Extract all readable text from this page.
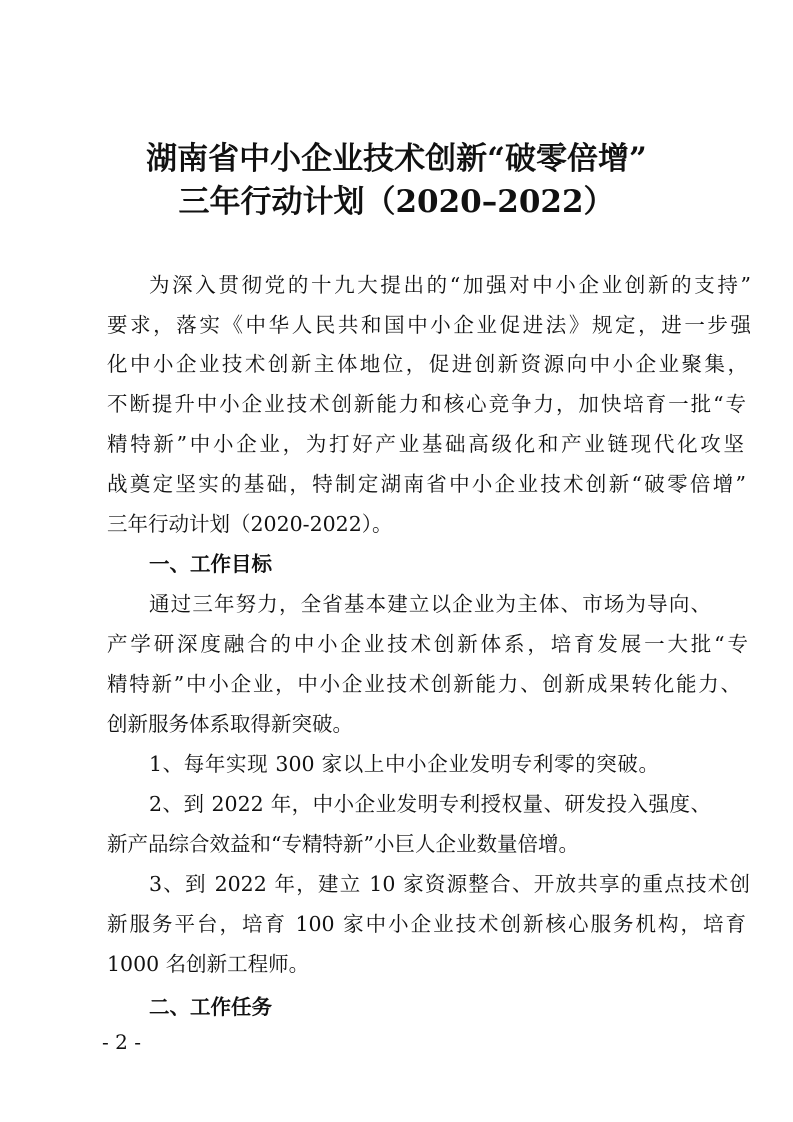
湖南省中小企业技术创新“破零倍增”
三年行动计划（2020–2022）

为深入贯彻党的十九大提出的“加强对中小企业创新的支持”

要求，落实《中华人民共和国中小企业促进法》规定，进一步强

化中小企业技术创新主体地位，促进创新资源向中小企业聚集，

不断提升中小企业技术创新能力和核心竞争力，加快培育一批“专

精特新”中小企业，为打好产业基础高级化和产业链现代化攻坚

战奠定坚实的基础，特制定湖南省中小企业技术创新“破零倍增”

三年行动计划（2020-2022）。

一、工作目标

通过三年努力，全省基本建立以企业为主体、市场为导向、

产学研深度融合的中小企业技术创新体系，培育发展一大批“专

精特新”中小企业，中小企业技术创新能力、创新成果转化能力、

创新服务体系取得新突破。

1、每年实现 300 家以上中小企业发明专利零的突破。

2、到 2022 年，中小企业发明专利授权量、研发投入强度、

新产品综合效益和“专精特新”小巨人企业数量倍增。

3、到 2022 年，建立 10 家资源整合、开放共享的重点技术创

新服务平台，培育 100 家中小企业技术创新核心服务机构，培育

1000 名创新工程师。

二、工作任务

- 2 -
